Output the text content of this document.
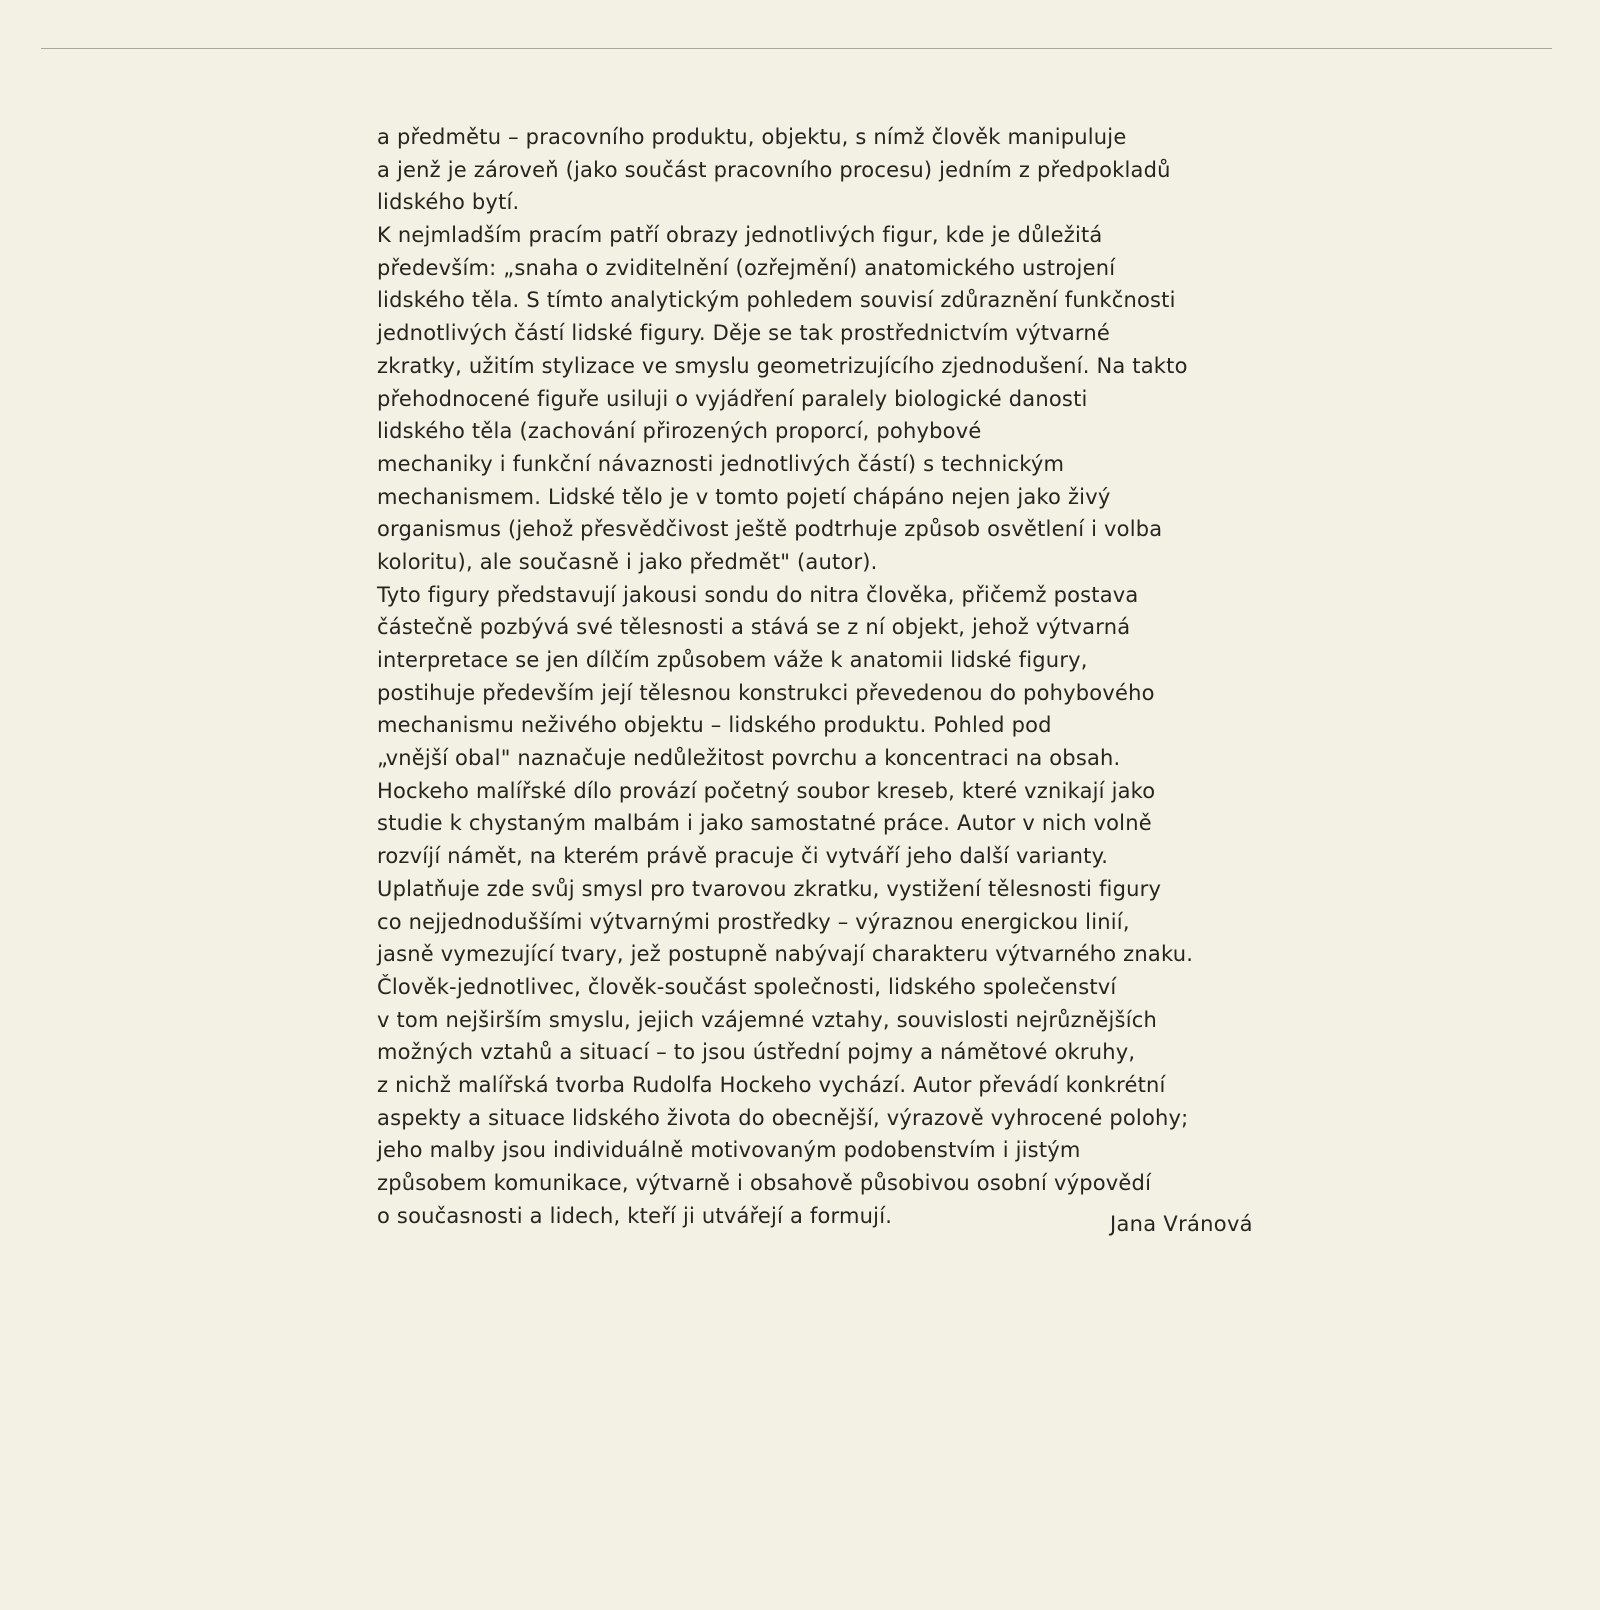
a předmětu – pracovního produktu, objektu, s nímž člověk manipuluje
a jenž je zároveň (jako součást pracovního procesu) jedním z předpokladů
lidského bytí.
K nejmladším pracím patří obrazy jednotlivých figur, kde je důležitá
především: „snaha o zviditelnění (ozřejmění) anatomického ustrojení
lidského těla. S tímto analytickým pohledem souvisí zdůraznění funkčnosti
jednotlivých částí lidské figury. Děje se tak prostřednictvím výtvarné
zkratky, užitím stylizace ve smyslu geometrizujícího zjednodušení. Na takto
přehodnocené figuře usiluji o vyjádření paralely biologické danosti
lidského těla (zachování přirozených proporcí, pohybové
mechaniky i funkční návaznosti jednotlivých částí) s technickým
mechanismem. Lidské tělo je v tomto pojetí chápáno nejen jako živý
organismus (jehož přesvědčivost ještě podtrhuje způsob osvětlení i volba
koloritu), ale současně i jako předmět" (autor).
Tyto figury představují jakousi sondu do nitra člověka, přičemž postava
částečně pozbývá své tělesnosti a stává se z ní objekt, jehož výtvarná
interpretace se jen dílčím způsobem váže k anatomii lidské figury,
postihuje především její tělesnou konstrukci převedenou do pohybového
mechanismu neživého objektu – lidského produktu. Pohled pod
„vnější obal" naznačuje nedůležitost povrchu a koncentraci na obsah.
Hockeho malířské dílo provází početný soubor kreseb, které vznikají jako
studie k chystaným malbám i jako samostatné práce. Autor v nich volně
rozvíjí námět, na kterém právě pracuje či vytváří jeho další varianty.
Uplatňuje zde svůj smysl pro tvarovou zkratku, vystižení tělesnosti figury
co nejjednoduššími výtvarnými prostředky – výraznou energickou linií,
jasně vymezující tvary, jež postupně nabývají charakteru výtvarného znaku.
Člověk-jednotlivec, člověk-součást společnosti, lidského společenství
v tom nejširším smyslu, jejich vzájemné vztahy, souvislosti nejrůznějších
možných vztahů a situací – to jsou ústřední pojmy a námětové okruhy,
z nichž malířská tvorba Rudolfa Hockeho vychází. Autor převádí konkrétní
aspekty a situace lidského života do obecnější, výrazově vyhrocené polohy;
jeho malby jsou individuálně motivovaným podobenstvím i jistým
způsobem komunikace, výtvarně i obsahově působivou osobní výpovědí
o současnosti a lidech, kteří ji utvářejí a formují.	Jana Vránová
